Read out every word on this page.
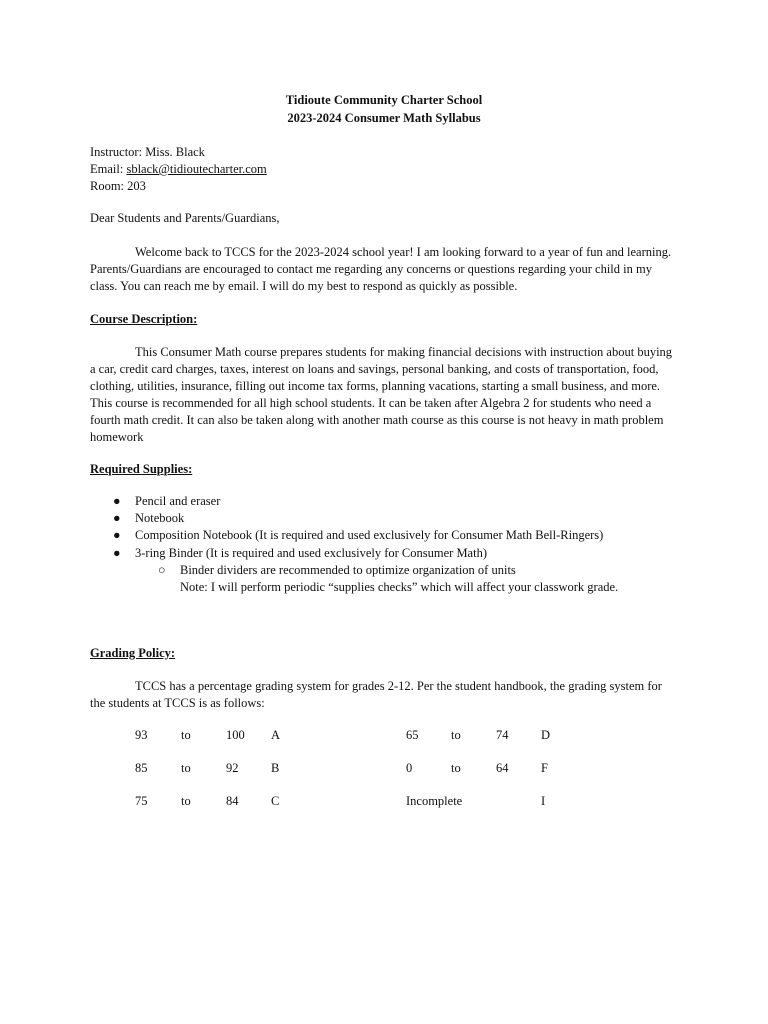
Tidioute Community Charter School
2023-2024 Consumer Math Syllabus
Instructor: Miss. Black
Email: sblack@tidioutecharter.com
Room: 203
Dear Students and Parents/Guardians,
Welcome back to TCCS for the 2023-2024 school year! I am looking forward to a year of fun and learning.
Parents/Guardians are encouraged to contact me regarding any concerns or questions regarding your child in my
class. You can reach me by email. I will do my best to respond as quickly as possible.
Course Description:
This Consumer Math course prepares students for making financial decisions with instruction about buying
a car, credit card charges, taxes, interest on loans and savings, personal banking, and costs of transportation, food,
clothing, utilities, insurance, filling out income tax forms, planning vacations, starting a small business, and more.
This course is recommended for all high school students. It can be taken after Algebra 2 for students who need a
fourth math credit. It can also be taken along with another math course as this course is not heavy in math problem
homework
Required Supplies:
● Pencil and eraser
● Notebook
● Composition Notebook (It is required and used exclusively for Consumer Math Bell-Ringers)
● 3-ring Binder (It is required and used exclusively for Consumer Math)
○ Binder dividers are recommended to optimize organization of units
Note: I will perform periodic “supplies checks” which will affect your classwork grade.
Grading Policy:
TCCS has a percentage grading system for grades 2-12. Per the student handbook, the grading system for
the students at TCCS is as follows:
93	to	100 A	65	to	74	D
85	to	92	B	0	to	64	F
75	to	84	C	Incomplete	I
